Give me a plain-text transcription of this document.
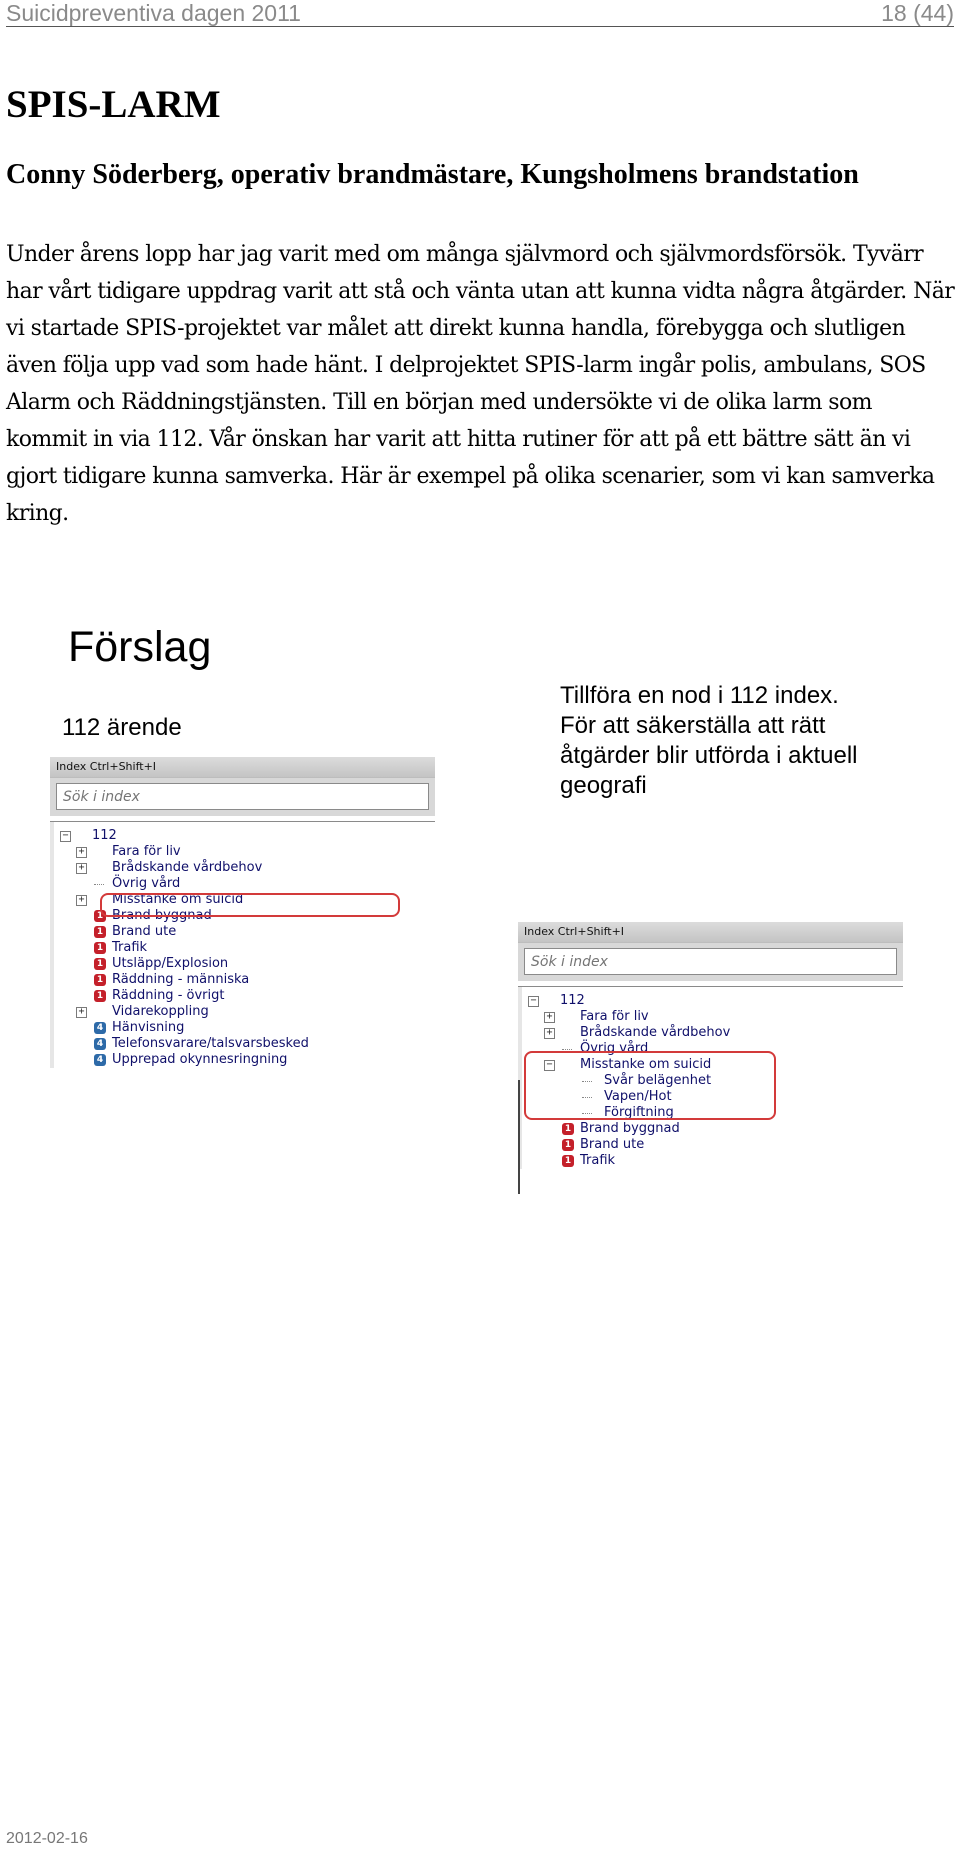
Suicidpreventiva dagen 2011	18 (44)
SPIS-LARM
Conny Söderberg, operativ brandmästare, Kungsholmens brandstation

Under årens lopp har jag varit med om många självmord och självmordsförsök. Tyvärr har vårt tidigare uppdrag varit att stå och vänta utan att kunna vidta några åtgärder. När vi startade SPIS-projektet var målet att direkt kunna handla, förebygga och slutligen även följa upp vad som hade hänt. I delprojektet SPIS-larm ingår polis, ambulans, SOS Alarm och Räddningstjänsten. Till en början med undersökte vi de olika larm som kommit in via 112. Vår önskan har varit att hitta rutiner för att på ett bättre sätt än vi gjort tidigare kunna samverka. Här är exempel på olika scenarier, som vi kan samverka kring.

Förslag
112 ärende
Tillföra en nod i 112 index.
För att säkerställa att rätt
åtgärder blir utförda i aktuell
geografi
Index Ctrl+Shift+I
Sök i index
− 112
+ Fara för liv
+ Brådskande vårdbehov
Övrig vård
+ Misstanke om suicid
1 Brand byggnad
1 Brand ute
1 Trafik
1 Utsläpp/Explosion
1 Räddning - människa
1 Räddning - övrigt
+ Vidarekoppling
4 Hänvisning
4 Telefonsvarare/talsvarsbesked
4 Upprepad okynnesringning
Index Ctrl+Shift+I
Sök i index
− 112
+ Fara för liv
+ Brådskande vårdbehov
Övrig vård
− Misstanke om suicid
Svår belägenhet
Vapen/Hot
Förgiftning
1 Brand byggnad
1 Brand ute
1 Trafik
2012-02-16
